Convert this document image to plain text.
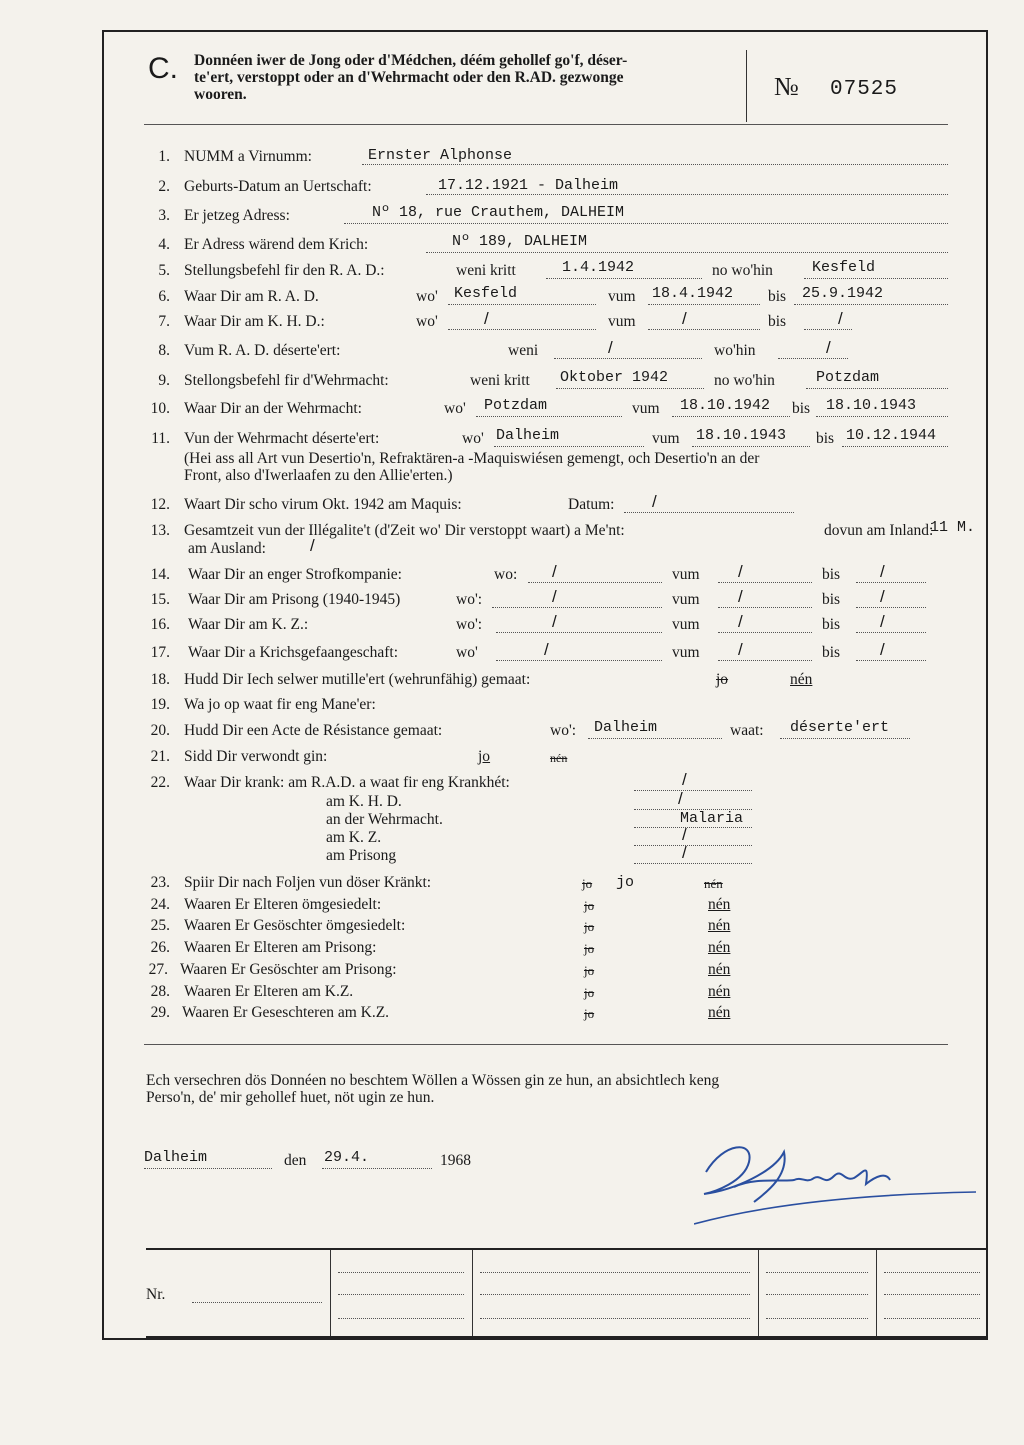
C. Donnéen iwer de Jong oder d'Médchen, déém gehollef go'f, déser-
te'ert, verstoppt oder an d'Wehrmacht oder den R.AD. gezwonge
wooren.	№ 07525
1. NUMM a Virnumm:	Ernster Alphonse
2. Geburts-Datum an Uertschaft:	17.12.1921 - Dalheim
3. Er jetzeg Adress:	Nº 18, rue Crauthem, DALHEIM
4. Er Adress wärend dem Krich:	Nº 189, DALHEIM
5. Stellungsbefehl fir den R. A. D.:	weni kritt	1.4.1942	no wo'hin	Kesfeld
6. Waar Dir am R. A. D.	wo' Kesfeld	vum 18.4.1942 bis 25.9.1942
7. Waar Dir am K. H. D.:	wo'	/	vum	/	bis	/
8. Vum R. A. D. déserte'ert:	weni	/	wo'hin	/
9. Stellongsbefehl fir d'Wehrmacht:	weni kritt Oktober 1942	no wo'hin	Potzdam
10. Waar Dir an der Wehrmacht:	wo' Potzdam	vum 18.10.1942 bis 18.10.1943
11. Vun der Wehrmacht déserte'ert:	wo' Dalheim	vum 18.10.1943 bis 10.12.1944
(Hei ass all Art vun Desertio'n, Refraktären-a -Maquiswiésen gemengt, och Desertio'n an der
Front, also d'Iwerlaafen zu den Allie'erten.)
12. Waart Dir scho virum Okt. 1942 am Maquis:	Datum: /
13. Gesamtzeit vun der Illégalite't (d'Zeit wo' Dir verstoppt waart) a Me'nt:	dovun am Inland:
11 M.
am Ausland:	/
14. Waar Dir an enger Strofkompanie:	wo: /	vum /	bis /
15. Waar Dir am Prisong (1940-1945)	wo':	/	vum /	bis /
16. Waar Dir am K. Z.:	wo':	/	vum /	bis /
17. Waar Dir a Krichsgefaangeschaft:	wo'	/	vum /	bis /
18. Hudd Dir Iech selwer mutille'ert (wehrunfähig) gemaat:	jo	nén
19. Wa jo op waat fir eng Mane'er:
20. Hudd Dir een Acte de Résistance gemaat:	wo': Dalheim	waat: déserte'ert
21. Sidd Dir verwondt gin:	jo	nén
22. Waar Dir krank: am R.A.D. a waat fir eng Krankhét:	/
am K. H. D.	/
an der Wehrmacht.	Malaria
am K. Z.	/
am Prisong	/
23. Spiir Dir nach Foljen vun döser Kränkt:	jo jo	nén
24. Waaren Er Elteren ömgesiedelt:	jo	nén
25. Waaren Er Gesöschter ömgesiedelt:	jo	nén
26. Waaren Er Elteren am Prisong:	jo	nén
27. Waaren Er Gesöschter am Prisong:	jo	nén
28. Waaren Er Elteren am K.Z.	jo	nén
29. Waaren Er Geseschteren am K.Z.	jo	nén
Ech versechren dös Donnéen no beschtem Wöllen a Wössen gin ze hun, an absichtlech keng
Perso'n, de' mir gehollef huet, nöt ugin ze hun.
Dalheim	den 29.4.	1968
Nr.
